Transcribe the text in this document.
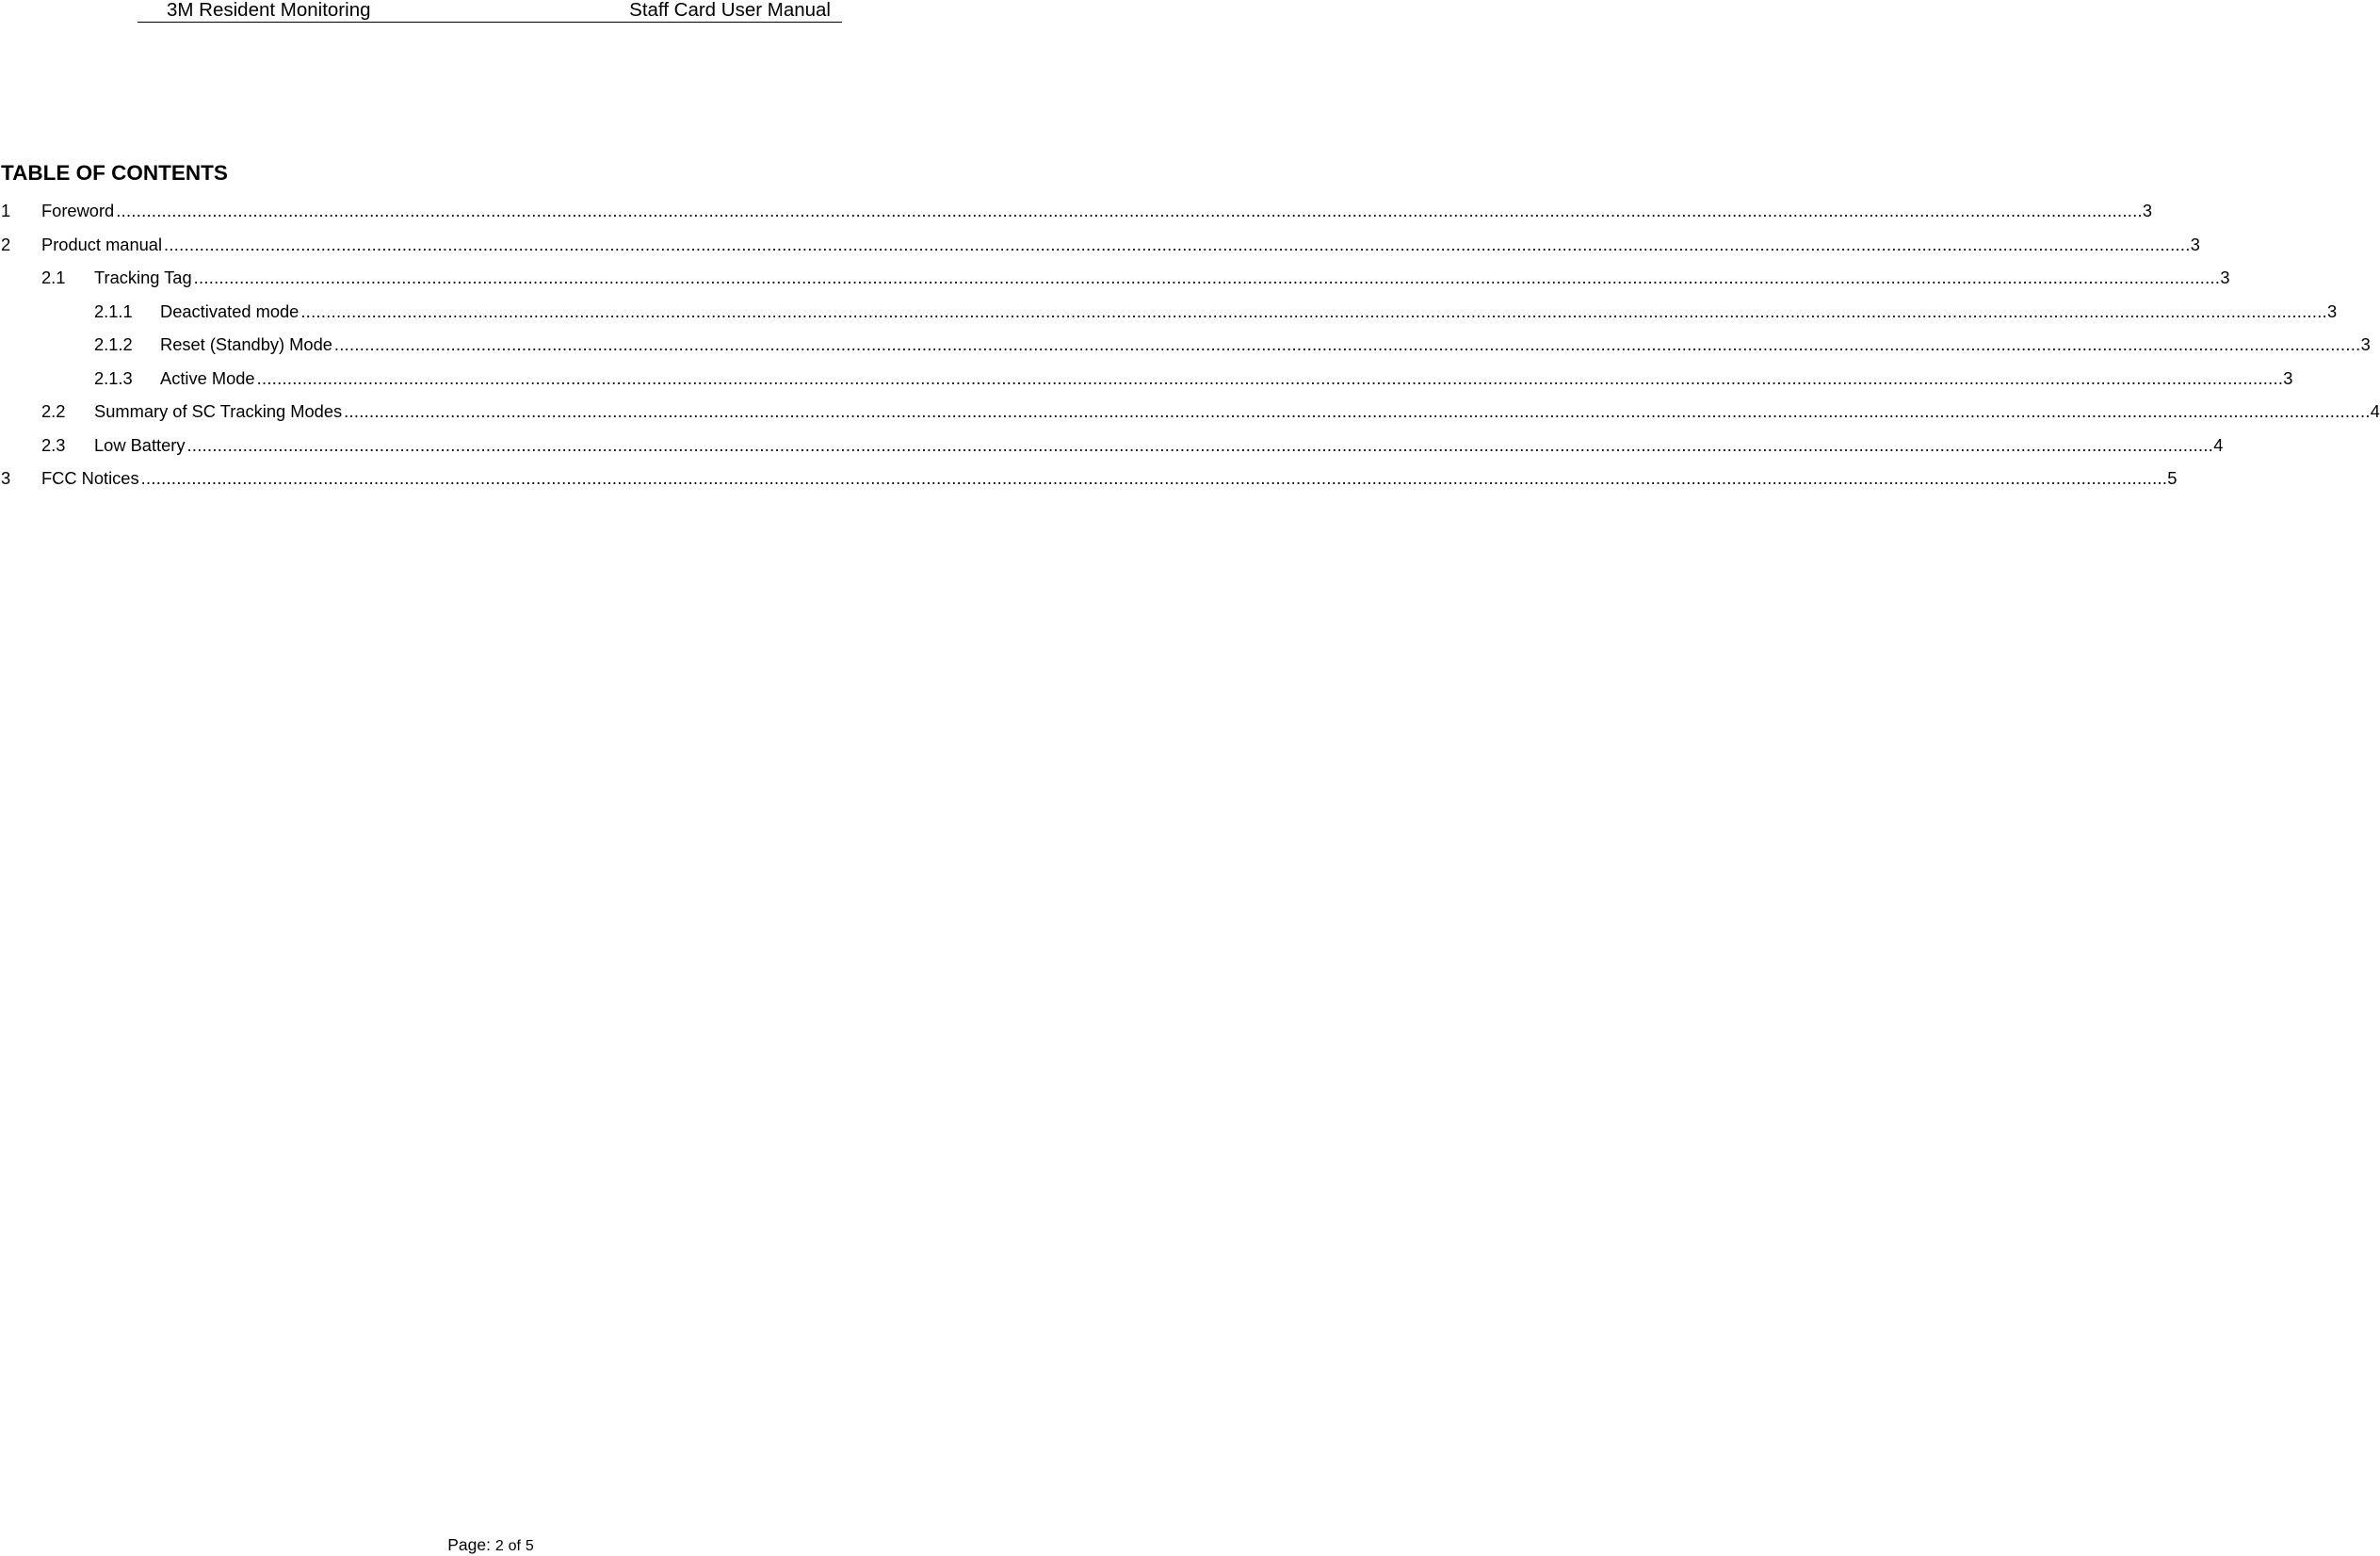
3M Resident Monitoring	Staff Card User Manual
TABLE OF CONTENTS
1 Foreword ................................................................................................................................................................................................................................................................................................................................................................................................................ 3
2 Product manual ................................................................................................................................................................................................................................................................................................................................................................................................................ 3
2.1 Tracking Tag ................................................................................................................................................................................................................................................................................................................................................................................................................ 3
2.1.1 Deactivated mode ................................................................................................................................................................................................................................................................................................................................................................................................................ 3
2.1.2 Reset (Standby) Mode ................................................................................................................................................................................................................................................................................................................................................................................................................ 3
2.1.3 Active Mode ................................................................................................................................................................................................................................................................................................................................................................................................................ 3
2.2 Summary of SC Tracking Modes ................................................................................................................................................................................................................................................................................................................................................................................................................ 4
2.3 Low Battery ................................................................................................................................................................................................................................................................................................................................................................................................................ 4
3 FCC Notices ................................................................................................................................................................................................................................................................................................................................................................................................................ 5
Page: 2 of 5
